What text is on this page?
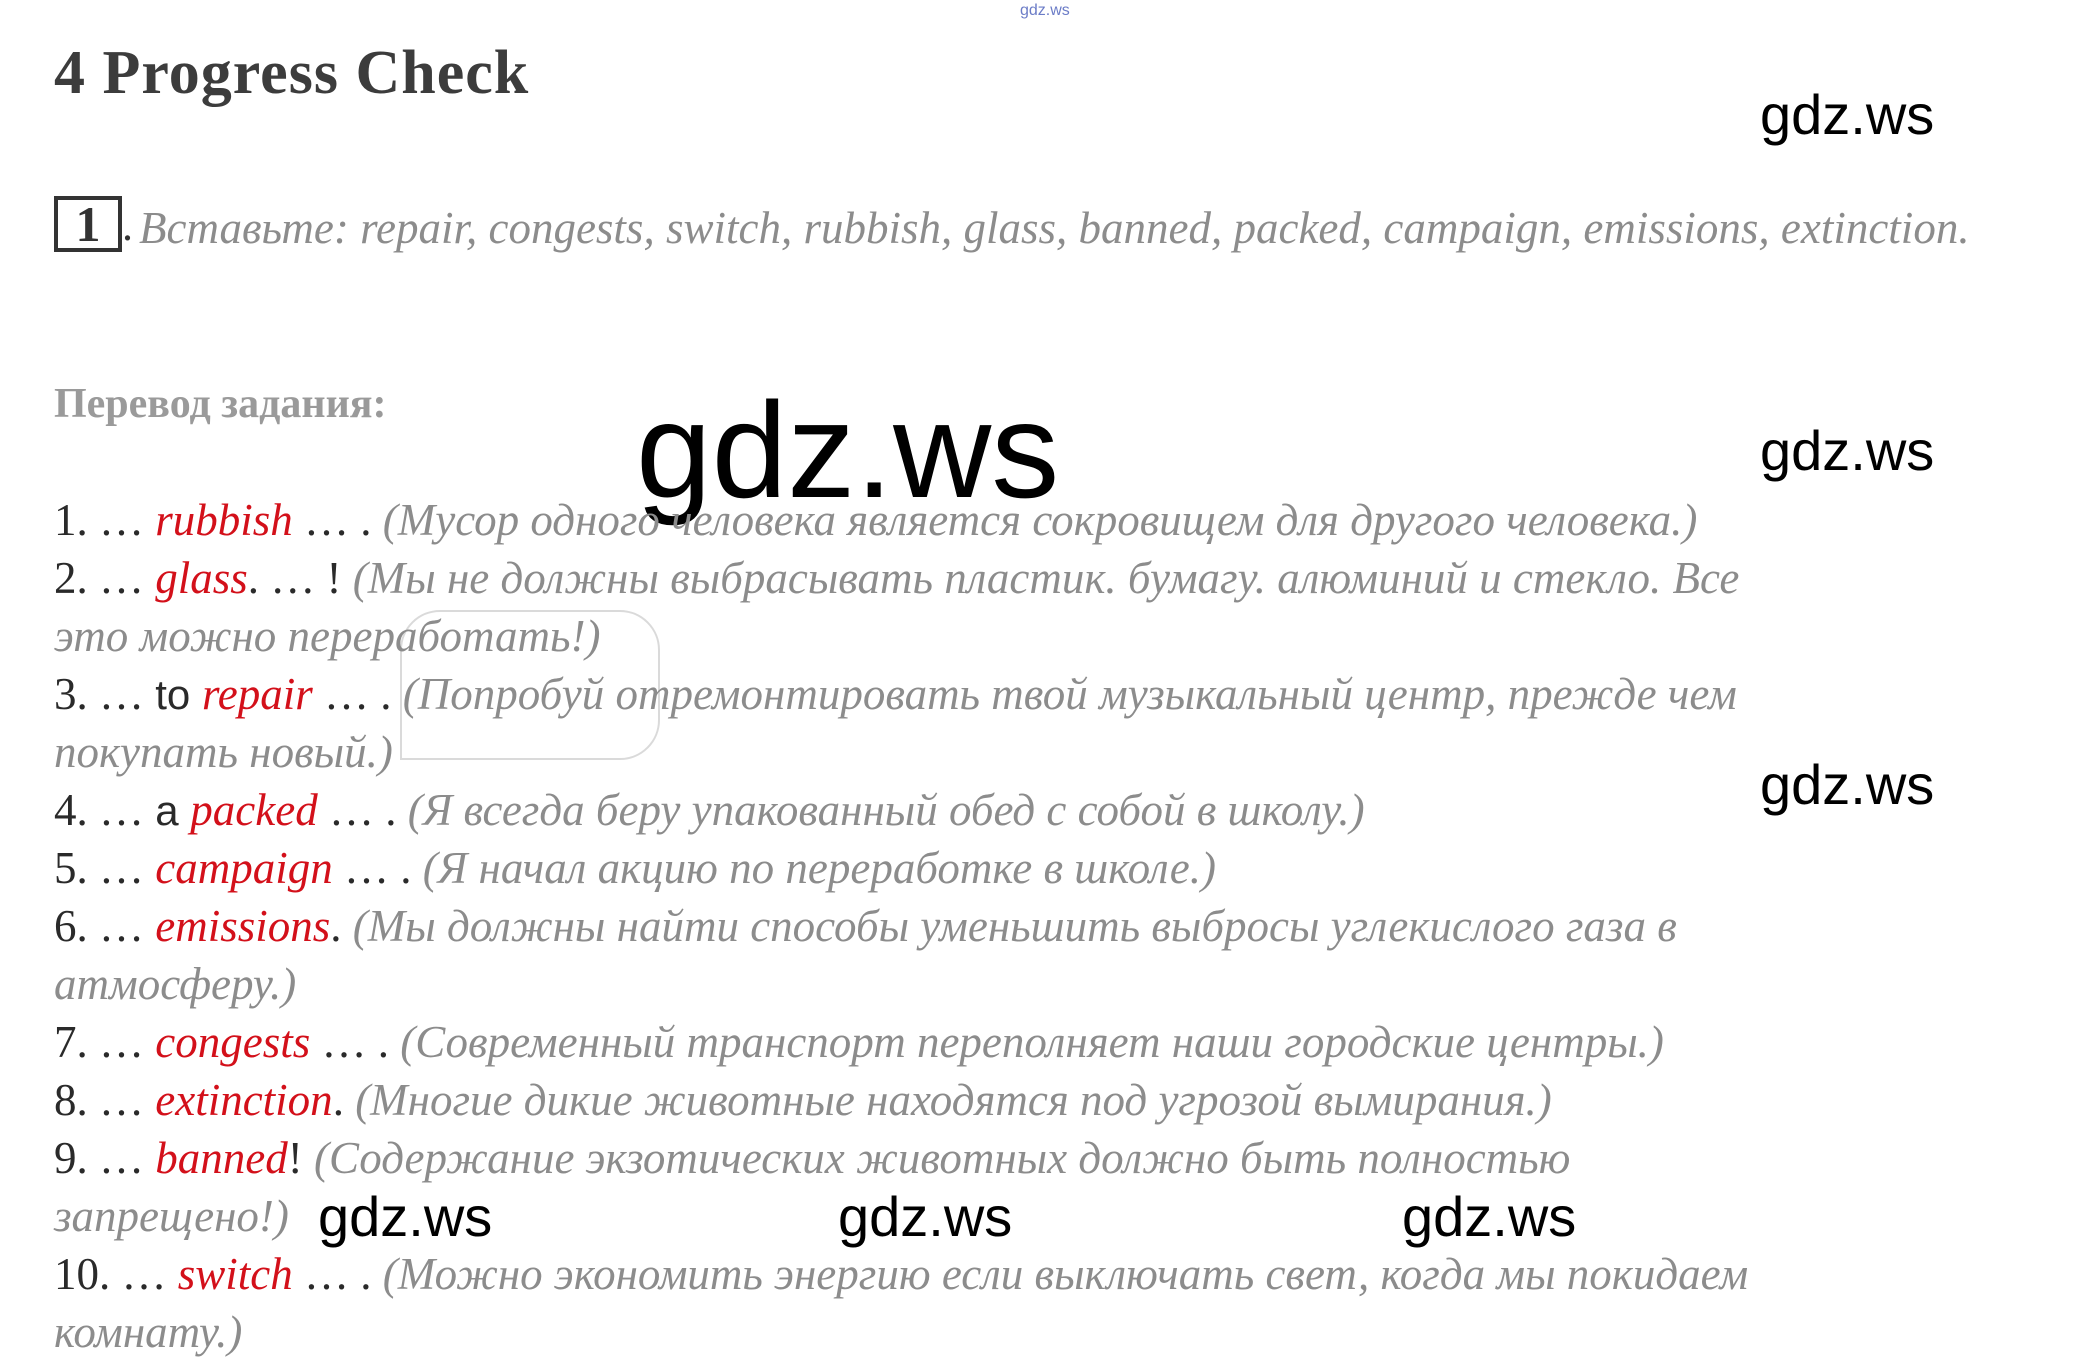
gdz.ws
4 Progress Check
gdz.ws
Вставьте: repair, congests, switch, rubbish, glass, banned, packed, campaign, emissions, extinction.
1 .
Перевод задания: gdz.ws	gdz.ws
gdz.ws
1. … rubbish … . (Мусор одного человека является сокровищем для другого человека.)
2. … glass. … ! (Мы не должны выбрасывать пластик. бумагу. алюминий и стекло. Все
это можно переработать!)
3. … to repair … . (Попробуй отремонтировать твой музыкальный центр, прежде чем
покупать новый.)
4. … a packed … . (Я всегда беру упакованный обед с собой в школу.)
5. … campaign … . (Я начал акцию по переработке в школе.)
6. … emissions. (Мы должны найти способы уменьшить выбросы углекислого газа в
атмосферу.)
7. … congests … . (Современный транспорт переполняет наши городские центры.)
8. … extinction. (Многие дикие животные находятся под угрозой вымирания.)
9. … banned! (Содержание экзотических животных должно быть полностью
запрещено!)
10. … switch … . (Можно экономить энергию если выключать свет, когда мы покидаем
комнату.)
gdz.ws	gdz.ws	gdz.ws
